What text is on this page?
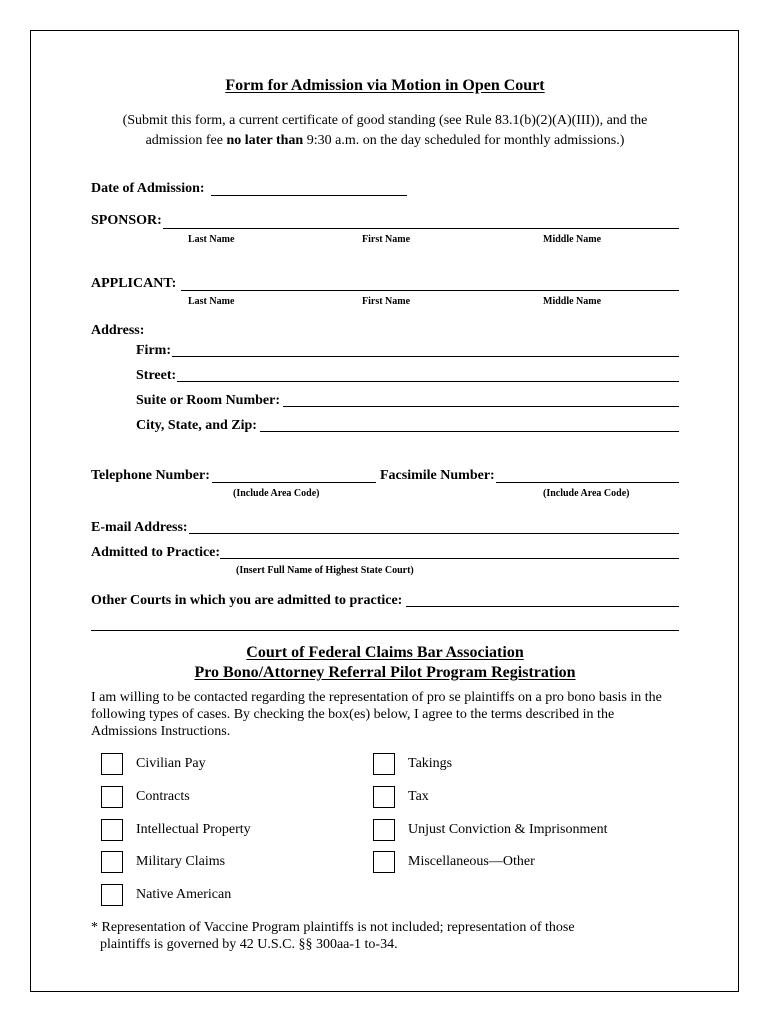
Form for Admission via Motion in Open Court
(Submit this form, a current certificate of good standing (see Rule 83.1(b)(2)(A)(III)), and the
admission fee no later than 9:30 a.m. on the day scheduled for monthly admissions.)
Date of Admission:
SPONSOR:
Last Name	First Name	Middle Name
APPLICANT:
Last Name	First Name	Middle Name
Address:
Firm:
Street:
Suite or Room Number:
City, State, and Zip:
Telephone Number:	Facsimile Number:
(Include Area Code)	(Include Area Code)
E-mail Address:
Admitted to Practice:
(Insert Full Name of Highest State Court)
Other Courts in which you are admitted to practice:
Court of Federal Claims Bar Association
Pro Bono/Attorney Referral Pilot Program Registration
I am willing to be contacted regarding the representation of pro se plaintiffs on a pro bono basis in the following types of cases. By checking the box(es) below, I agree to the terms described in the Admissions Instructions.
Civilian Pay
Contracts
Intellectual Property
Military Claims
Native American
Takings
Tax
Unjust Conviction & Imprisonment
Miscellaneous—Other
* Representation of Vaccine Program plaintiffs is not included; representation of those
plaintiffs is governed by 42 U.S.C. §§ 300aa-1 to-34.
